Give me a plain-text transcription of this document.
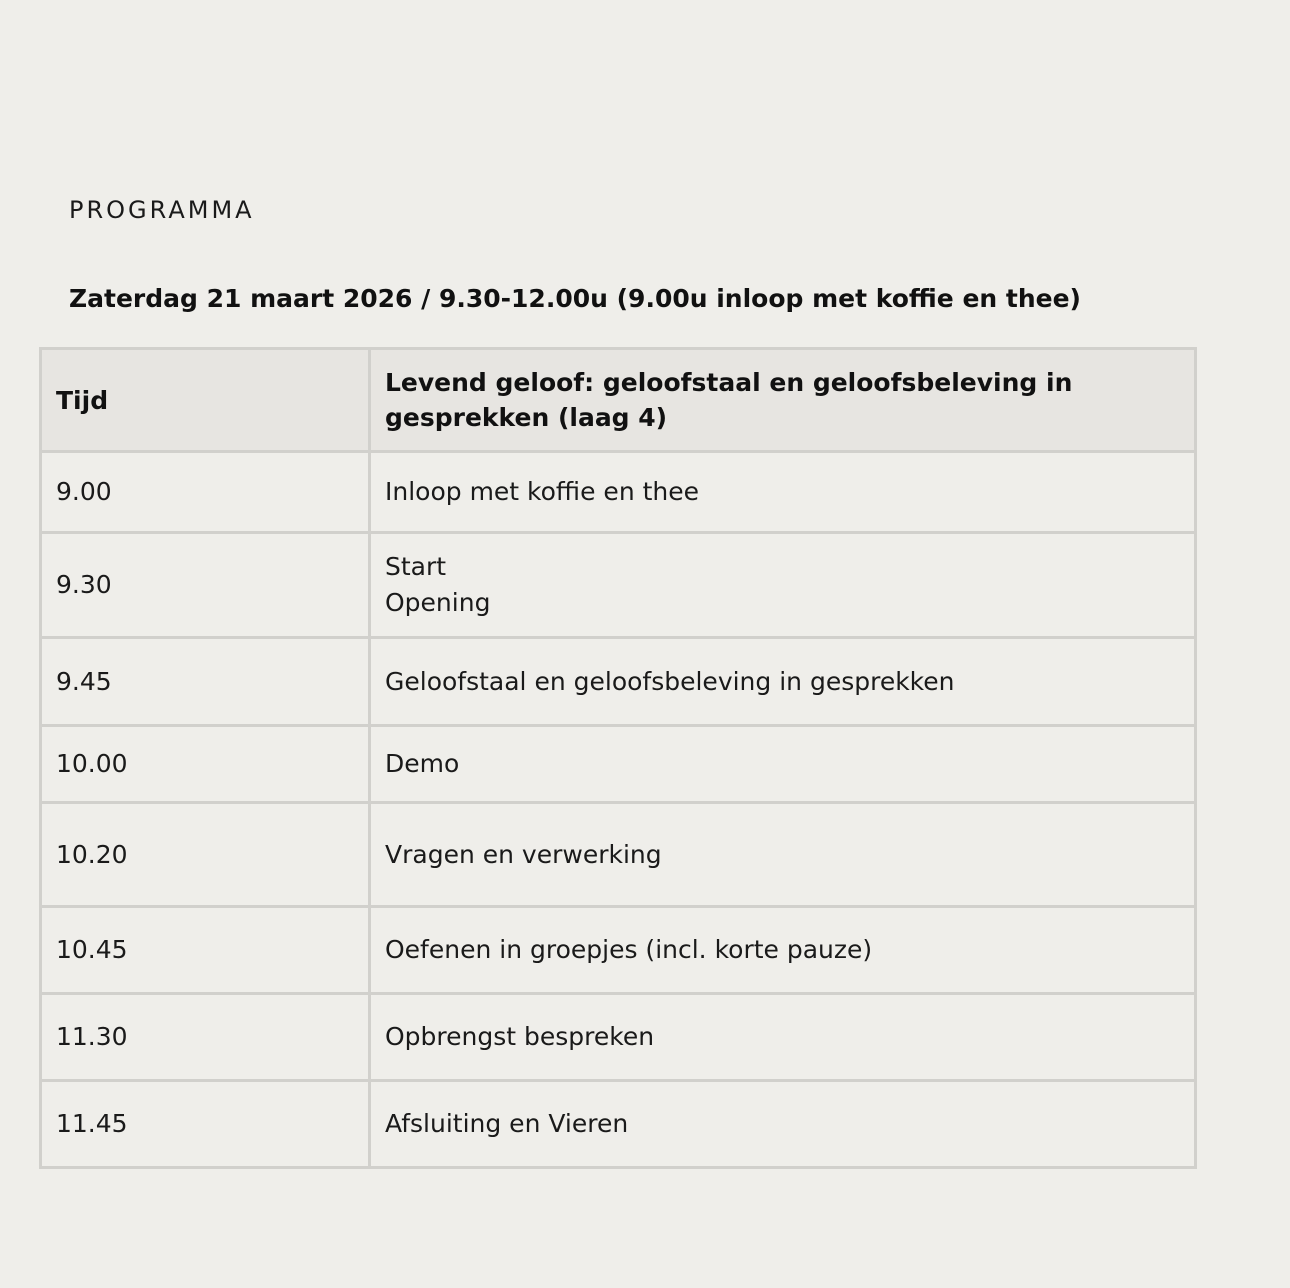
PROGRAMMA
Zaterdag 21 maart 2026 / 9.30-12.00u (9.00u inloop met koffie en thee)
Tijd	Levend geloof: geloofstaal en geloofsbeleving in gesprekken (laag 4)
9.00	Inloop met koffie en thee

9.30	Start
Opening

9.45	Geloofstaal en geloofsbeleving in gesprekken

10.00	Demo

10.20	Vragen en verwerking

10.45	Oefenen in groepjes (incl. korte pauze)

11.30	Opbrengst bespreken

11.45	Afsluiting en Vieren
